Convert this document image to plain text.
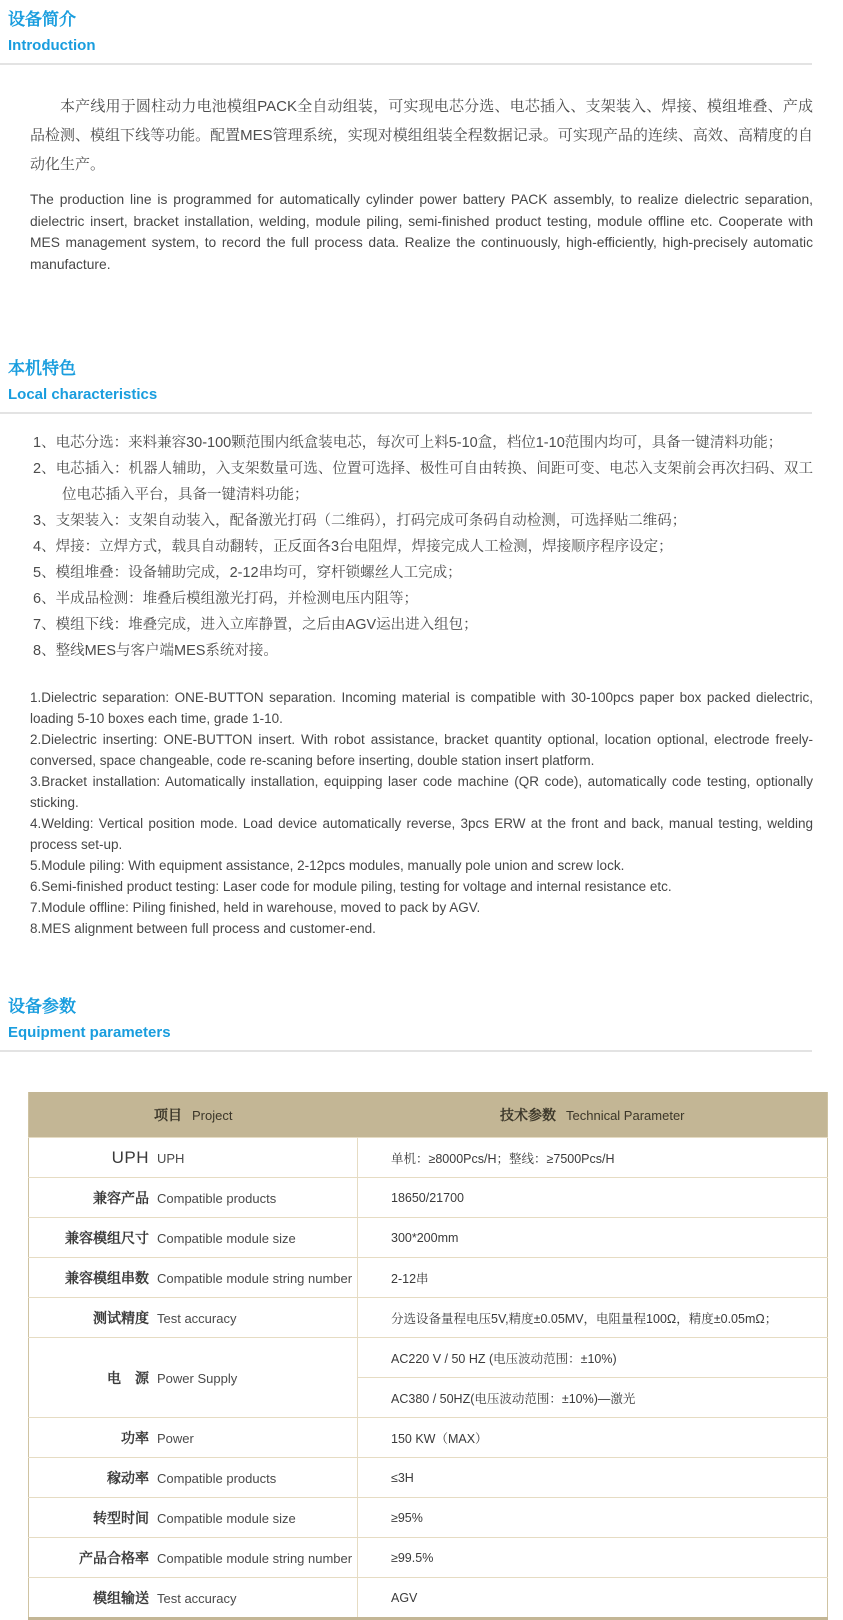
设备简介
Introduction

本产线用于圆柱动力电池模组PACK全自动组装，可实现电芯分选、电芯插入、支架装入、焊接、模组堆叠、产成品检测、模组下线等功能。配置MES管理系统，实现对模组组装全程数据记录。可实现产品的连续、高效、高精度的自动化生产。

The production line is programmed for automatically cylinder power battery PACK assembly, to realize dielectric separation, dielectric insert, bracket installation, welding, module piling, semi-finished product testing, module offline etc. Cooperate with MES management system, to record the full process data. Realize the continuously, high-efficiently, high-precisely automatic manufacture.

本机特色
Local characteristics
1、电芯分选：来料兼容30-100颗范围内纸盒装电芯，每次可上料5-10盒，档位1-10范围内均可，具备一键清料功能；
2、电芯插入：机器人辅助，入支架数量可选、位置可选择、极性可自由转换、间距可变、电芯入支架前会再次扫码、双工位电芯插入平台，具备一键清料功能；
3、支架装入：支架自动装入，配备激光打码（二维码），打码完成可条码自动检测，可选择贴二维码；
4、焊接：立焊方式，载具自动翻转，正反面各3台电阻焊，焊接完成人工检测，焊接顺序程序设定；
5、模组堆叠：设备辅助完成，2-12串均可，穿杆锁螺丝人工完成；
6、半成品检测：堆叠后模组激光打码，并检测电压内阻等；
7、模组下线：堆叠完成，进入立库静置，之后由AGV运出进入组包；
8、整线MES与客户端MES系统对接。
1.Dielectric separation: ONE-BUTTON separation. Incoming material is compatible with 30-100pcs paper box packed dielectric, loading 5-10 boxes each time, grade 1-10.
2.Dielectric inserting: ONE-BUTTON insert. With robot assistance, bracket quantity optional, location optional, electrode freely-conversed, space changeable, code re-scaning before inserting, double station insert platform.
3.Bracket installation: Automatically installation, equipping laser code machine (QR code), automatically code testing, optionally sticking.
4.Welding: Vertical position mode. Load device automatically reverse, 3pcs ERW at the front and back, manual testing, welding process set-up.
5.Module piling: With equipment assistance, 2-12pcs modules, manually pole union and screw lock.
6.Semi-finished product testing: Laser code for module piling, testing for voltage and internal resistance etc.
7.Module offline: Piling finished, held in warehouse, moved to pack by AGV.
8.MES alignment between full process and customer-end.
设备参数
Equipment parameters
项目 Project	技术参数 Technical Parameter
UPH UPH	单机：≥8000Pcs/H；整线：≥7500Pcs/H
兼容产品 Compatible products	18650/21700
兼容模组尺寸 Compatible module size	300*200mm
兼容模组串数 Compatible module string number	2-12串
测试精度 Test accuracy	分选设备量程电压5V,精度±0.05MV，电阻量程100Ω，精度±0.05mΩ；
电　源 Power Supply	AC220 V / 50 HZ (电压波动范围：±10%)
	AC380 / 50HZ(电压波动范围：±10%)—激光
功率 Power	150 KW（MAX）
稼动率 Compatible products	≤3H
转型时间 Compatible module size	≥95%
产品合格率 Compatible module string number	≥99.5%
模组输送 Test accuracy	AGV
